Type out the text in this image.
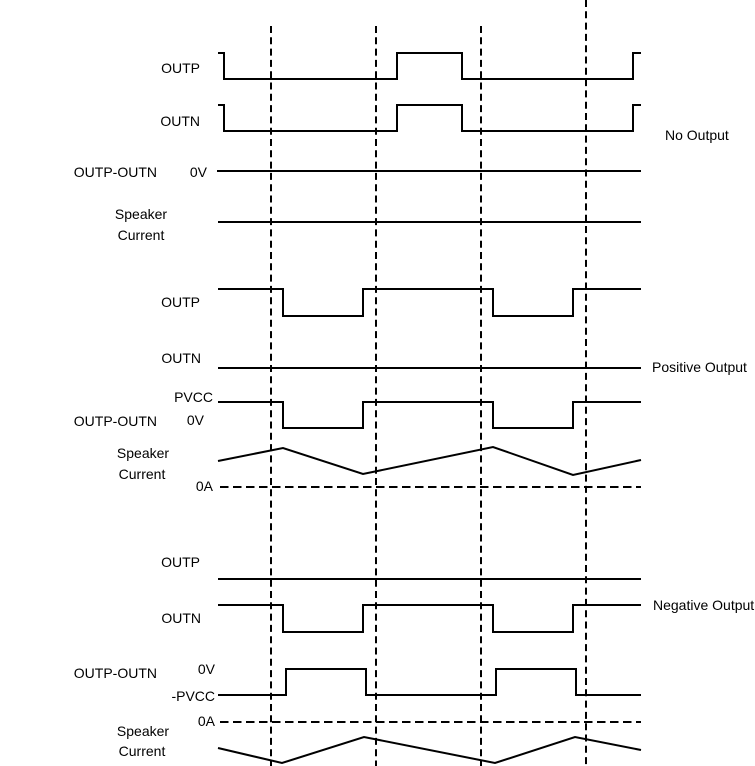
OUTP
OUTN
OUTP-OUTN 0V
Speaker
Current
No Output
OUTP
OUTN
PVCC
OUTP-OUTN 0V
Speaker
Current
0A
Positive Output
OUTP
OUTN
0V
OUTP-OUTN
-PVCC
0A
Speaker
Current
Negative Output
